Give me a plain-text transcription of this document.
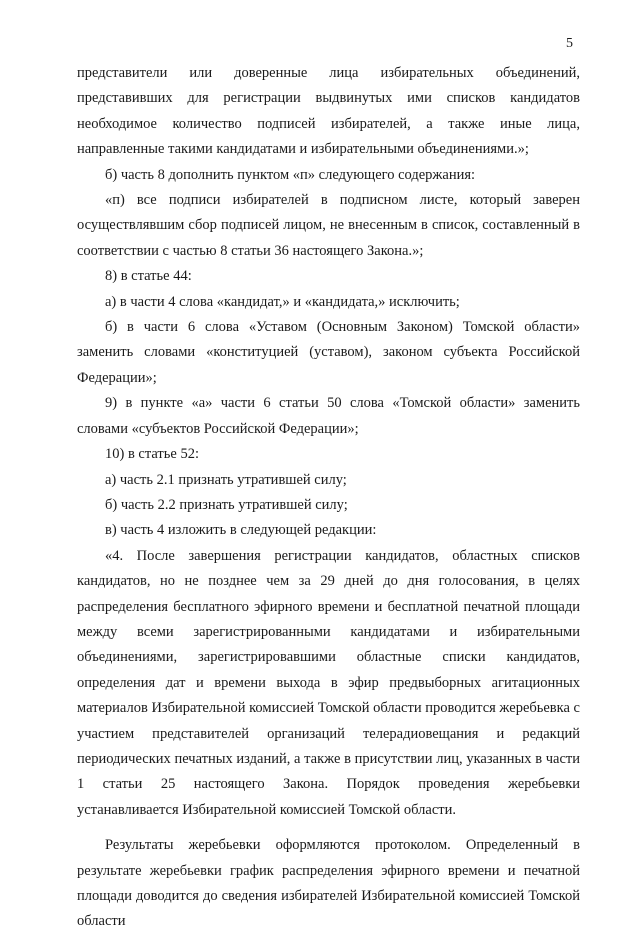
5

представители или доверенные лица избирательных объединений, представивших для регистрации выдвинутых ими списков кандидатов необходимое количество подписей избирателей, а также иные лица, направленные такими кандидатами и избирательными объединениями.»;

б) часть 8 дополнить пунктом «п» следующего содержания:

«п) все подписи избирателей в подписном листе, который заверен осуществлявшим сбор подписей лицом, не внесенным в список, составленный в соответствии с частью 8 статьи 36 настоящего Закона.»;

8) в статье 44:

а) в части 4 слова «кандидат,» и «кандидата,» исключить;

б) в части 6 слова «Уставом (Основным Законом) Томской области» заменить словами «конституцией (уставом), законом субъекта Российской Федерации»;

9) в пункте «а» части 6 статьи 50 слова «Томской области» заменить словами «субъектов Российской Федерации»;

10) в статье 52:

а) часть 2.1 признать утратившей силу;

б) часть 2.2 признать утратившей силу;

в) часть 4 изложить в следующей редакции:

«4. После завершения регистрации кандидатов, областных списков кандидатов, но не позднее чем за 29 дней до дня голосования, в целях распределения бесплатного эфирного времени и бесплатной печатной площади между всеми зарегистрированными кандидатами и избирательными объединениями, зарегистрировавшими областные списки кандидатов, определения дат и времени выхода в эфир предвыборных агитационных материалов Избирательной комиссией Томской области проводится жеребьевка с участием представителей организаций телерадиовещания и редакций периодических печатных изданий, а также в присутствии лиц, указанных в части 1 статьи 25 настоящего Закона. Порядок проведения жеребьевки устанавливается Избирательной комиссией Томской области.

Результаты жеребьевки оформляются протоколом. Определенный в результате жеребьевки график распределения эфирного времени и печатной площади доводится до сведения избирателей Избирательной комиссией Томской области
